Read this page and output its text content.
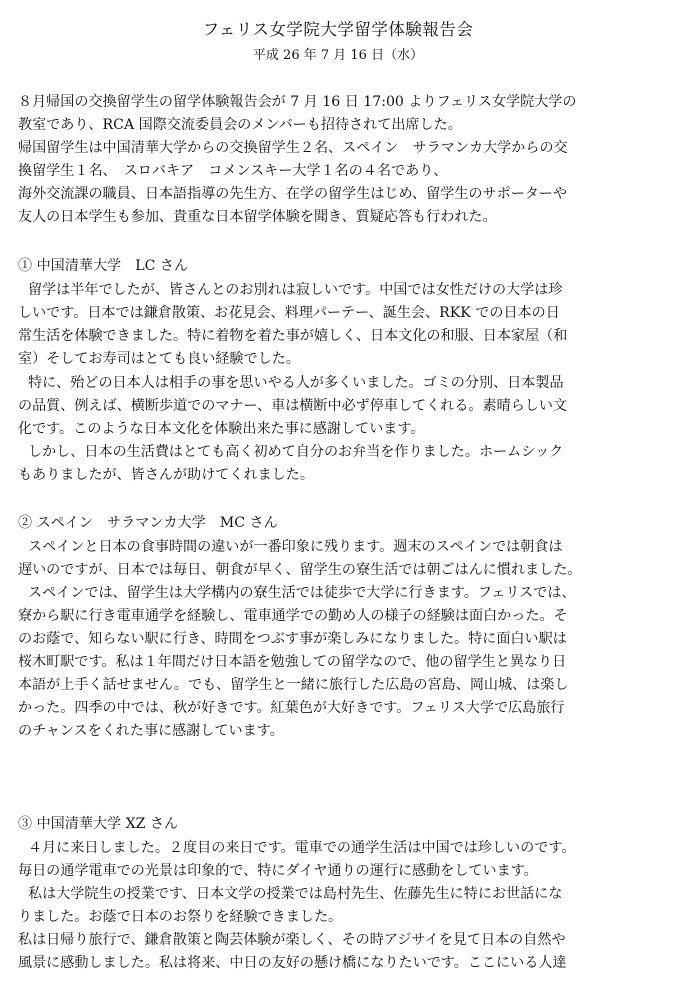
フェリス女学院大学留学体験報告会
平成 26 年 7 月 16 日（水）
８月帰国の交換留学生の留学体験報告会が 7 月 16 日 17:00 よりフェリス女学院大学の
教室であり、RCA 国際交流委員会のメンバーも招待されて出席した。
帰国留学生は中国清華大学からの交換留学生２名、スペイン　サラマンカ大学からの交
換留学生１名、　スロバキア　コメンスキー大学１名の４名であり、
海外交流課の職員、日本語指導の先生方、在学の留学生はじめ、留学生のサポーターや
友人の日本学生も参加、貴重な日本留学体験を聞き、質疑応答も行われた。
① 中国清華大学　LC さん
留学は半年でしたが、皆さんとのお別れは寂しいです。中国では女性だけの大学は珍
しいです。日本では鎌倉散策、お花見会、料理パーテー、誕生会、RKK での日本の日
常生活を体験できました。特に着物を着た事が嬉しく、日本文化の和服、日本家屋（和
室）そしてお寿司はとても良い経験でした。
特に、殆どの日本人は相手の事を思いやる人が多くいました。ゴミの分別、日本製品
の品質、例えば、横断歩道でのマナー、車は横断中必ず停車してくれる。素晴らしい文
化です。このような日本文化を体験出来た事に感謝しています。
しかし、日本の生活費はとても高く初めて自分のお弁当を作りました。ホームシック
もありましたが、皆さんが助けてくれました。
② スペイン　サラマンカ大学　MC さん
スペインと日本の食事時間の違いが一番印象に残ります。週末のスペインでは朝食は
遅いのですが、日本では毎日、朝食が早く、留学生の寮生活では朝ごはんに慣れました。
スペインでは、留学生は大学構内の寮生活では徒歩で大学に行きます。フェリスでは、
寮から駅に行き電車通学を経験し、電車通学での勤め人の様子の経験は面白かった。そ
のお蔭で、知らない駅に行き、時間をつぶす事が楽しみになりました。特に面白い駅は
桜木町駅です。私は１年間だけ日本語を勉強しての留学なので、他の留学生と異なり日
本語が上手く話せません。でも、留学生と一緒に旅行した広島の宮島、岡山城、は楽し
かった。四季の中では、秋が好きです。紅葉色が大好きです。フェリス大学で広島旅行
のチャンスをくれた事に感謝しています。
③ 中国清華大学 XZ さん
４月に来日しました。２度目の来日です。電車での通学生活は中国では珍しいのです。
毎日の通学電車での光景は印象的で、特にダイヤ通りの運行に感動をしています。
私は大学院生の授業です、日本文学の授業では島村先生、佐藤先生に特にお世話にな
りました。お蔭で日本のお祭りを経験できました。
私は日帰り旅行で、鎌倉散策と陶芸体験が楽しく、その時アジサイを見て日本の自然や
風景に感動しました。私は将来、中日の友好の懸け橋になりたいです。ここにいる人達
